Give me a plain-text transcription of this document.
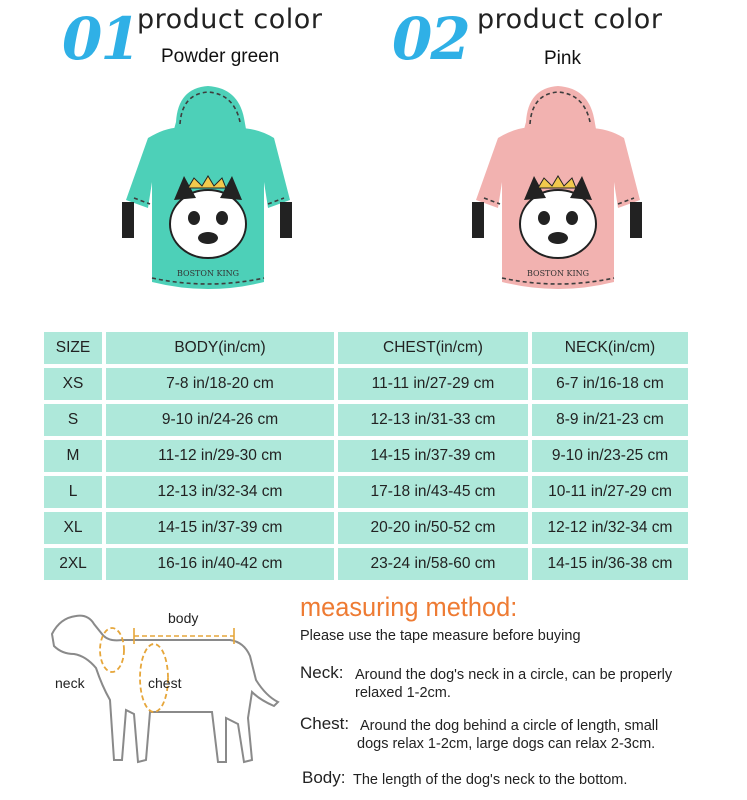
01
product color
Powder green 02 product color
Pink
BOSTON KING	BOSTON KING
SIZE	BODY(in/cm)	CHEST(in/cm)	NECK(in/cm)
XS	7-8 in/18-20 cm	11-11 in/27-29 cm	6-7 in/16-18 cm
S	9-10 in/24-26 cm	12-13 in/31-33 cm	8-9 in/21-23 cm
M	11-12 in/29-30 cm	14-15 in/37-39 cm	9-10 in/23-25 cm
L	12-13 in/32-34 cm	17-18 in/43-45 cm	10-11 in/27-29 cm
XL	14-15 in/37-39 cm	20-20 in/50-52 cm	12-12 in/32-34 cm
2XL	16-16 in/40-42 cm	23-24 in/58-60 cm	14-15 in/36-38 cm
body
neck	chest
measuring method:
Please use the tape measure before buying
Neck: Around the dog's neck in a circle, can be properly
relaxed 1-2cm.
Chest: Around the dog behind a circle of length, small
dogs relax 1-2cm, large dogs can relax 2-3cm.
Body: The length of the dog's neck to the bottom.
